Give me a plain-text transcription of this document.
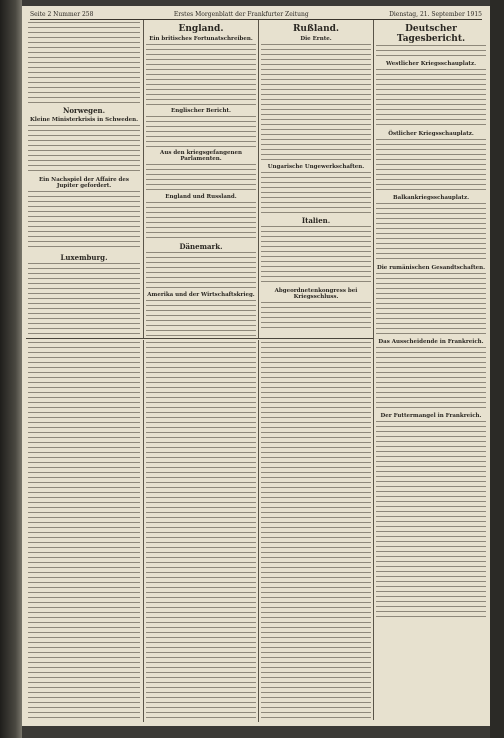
Seite 2 Nummer 258	Erstes Morgenblatt der Frankfurter Zeitung	Dienstag, 21. September 1915
Norwegen.
Kleine Ministerkrisis in Schweden.
Ein Nachspiel der Affaire des Jupiter gefordert.
Luxemburg.
England.
Ein britisches Fortunatschreiben.
Englischer Bericht.
Aus den kriegsgefangenen Parlamenten.
England und Russland.
Dänemark.
Amerika und der Wirtschaftskrieg.
Rußland.
Die Ernte.
Ungarische Ungewerkschaften.
Italien.
Abgeordnetenkongress bei Kriegsschluss.
Deutscher Tagesbericht.
Westlicher Kriegsschauplatz.
Östlicher Kriegsschauplatz.
Balkankriegsschauplatz.
Die rumänischen Gesandtschaften.
Das Ausscheidende in Frankreich.
Der Futtermangel in Frankreich.
